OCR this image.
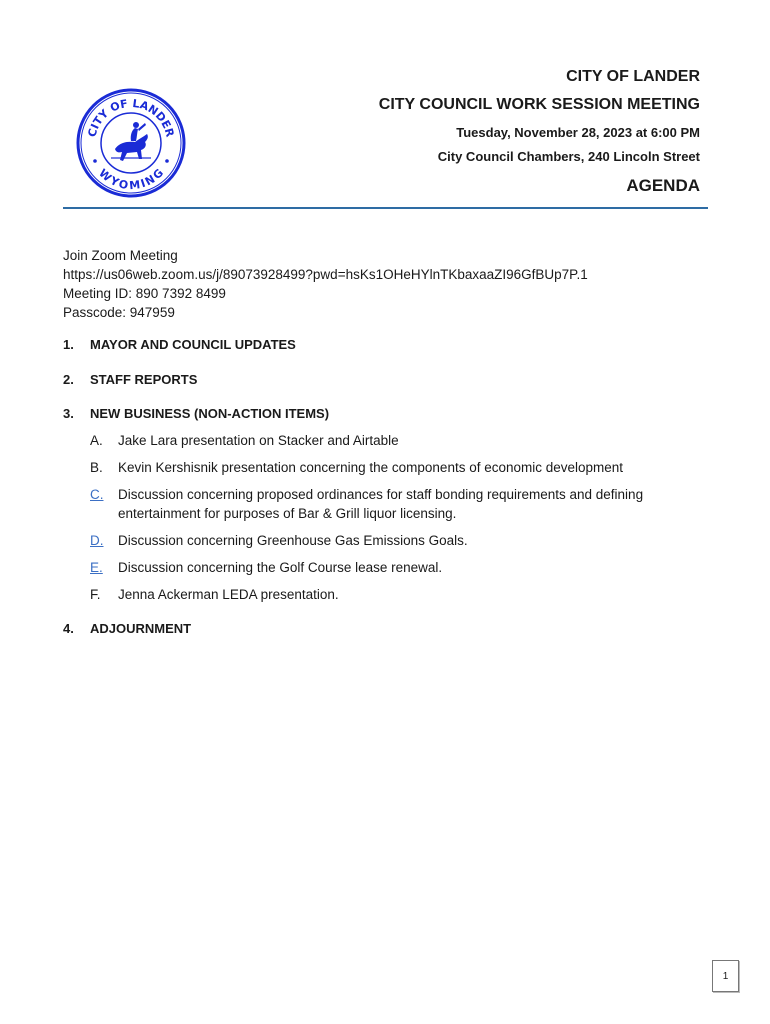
CITY OF LANDER
WYOMING
CITY OF LANDER
CITY COUNCIL WORK SESSION MEETING
Tuesday, November 28, 2023 at 6:00 PM
City Council Chambers, 240 Lincoln Street
AGENDA
Join Zoom Meeting
https://us06web.zoom.us/j/89073928499?pwd=hsKs1OHeHYlnTKbaxaaZI96GfBUp7P.1
Meeting ID: 890 7392 8499
Passcode: 947959
1.	MAYOR AND COUNCIL UPDATES
2.	STAFF REPORTS
3.	NEW BUSINESS (NON-ACTION ITEMS)
A.	Jake Lara presentation on Stacker and Airtable
B.	Kevin Kershisnik presentation concerning the components of economic development
C.	Discussion concerning proposed ordinances for staff bonding requirements and defining entertainment for purposes of Bar & Grill liquor licensing.
D.	Discussion concerning Greenhouse Gas Emissions Goals.
E.	Discussion concerning the Golf Course lease renewal.
F.	Jenna Ackerman LEDA presentation.
4.	ADJOURNMENT
1
